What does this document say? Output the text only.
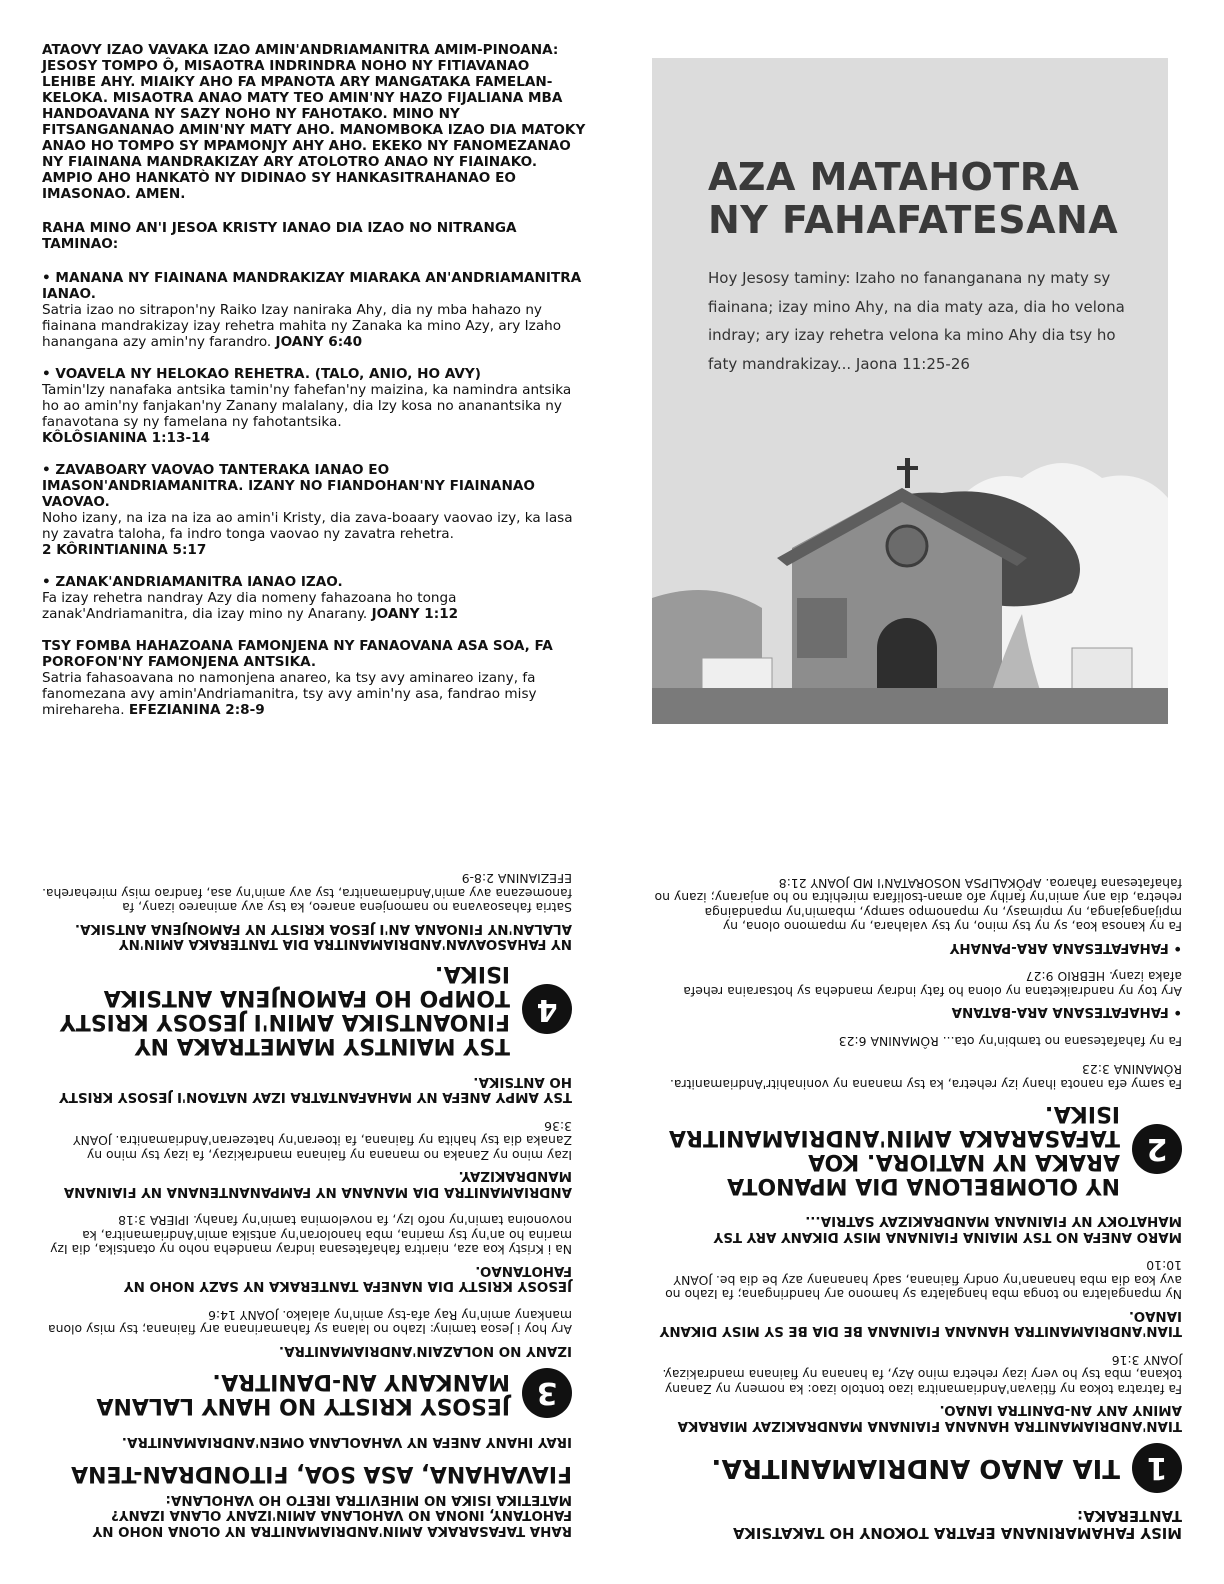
ATAOVY IZAO VAVAKA IZAO AMIN'ANDRIAMANITRA AMIM-PINOANA: JESOSY TOMPO Ô, MISAOTRA INDRINDRA NOHO NY FITIAVANAO LEHIBE AHY. MIAIKY AHO FA MPANOTA ARY MANGATAKA FAMELAN-KELOKA. MISAOTRA ANAO MATY TEO AMIN'NY HAZO FIJALIANA MBA HANDOAVANA NY SAZY NOHO NY FAHOTAKO. MINO NY FITSANGANANAO AMIN'NY MATY AHO. MANOMBOKA IZAO DIA MATOKY ANAO HO TOMPO SY MPAMONJY AHY AHO. EKEKO NY FANOMEZANAO NY FIAINANA MANDRAKIZAY ARY ATOLOTRO ANAO NY FIAINAKO. AMPIO AHO HANKATÒ NY DIDINAO SY HANKASITRAHANAO EO IMASONAO. AMEN.

RAHA MINO AN'I JESOA KRISTY IANAO DIA IZAO NO NITRANGA TAMINAO:

• MANANA NY FIAINANA MANDRAKIZAY MIARAKA AN'ANDRIAMANITRA IANAO.
Satria izao no sitrapon'ny Raiko Izay naniraka Ahy, dia ny mba hahazo ny fiainana mandrakizay izay rehetra mahita ny Zanaka ka mino Azy, ary Izaho hanangana azy amin'ny farandro. JOANY 6:40
• VOAVELA NY HELOKAO REHETRA. (TALO, ANIO, HO AVY)
Tamin'Izy nanafaka antsika tamin'ny fahefan'ny maizina, ka namindra antsika ho ao amin'ny fanjakan'ny Zanany malalany, dia Izy kosa no ananantsika ny fanavotana sy ny famelana ny fahotantsika.
KÔLÔSIANINA 1:13-14
• ZAVABOARY VAOVAO TANTERAKA IANAO EO IMASON'ANDRIAMANITRA. IZANY NO FIANDOHAN'NY FIAINANAO VAOVAO.
Noho izany, na iza na iza ao amin'i Kristy, dia zava-boaary vaovao izy, ka lasa ny zavatra taloha, fa indro tonga vaovao ny zavatra rehetra.
2 KÔRINTIANINA 5:17
• ZANAK'ANDRIAMANITRA IANAO IZAO.
Fa izay rehetra nandray Azy dia nomeny fahazoana ho tonga zanak'Andriamanitra, dia izay mino ny Anarany. JOANY 1:12
TSY FOMBA HAHAZOANA FAMONJENA NY FANAOVANA ASA SOA, FA POROFON'NY FAMONJENA ANTSIKA.
Satria fahasoavana no namonjena anareo, ka tsy avy aminareo izany, fa fanomezana avy amin'Andriamanitra, tsy avy amin'ny asa, fandrao misy mirehareha. EFEZIANINA 2:8-9
AZA MATAHOTRA
NY FAHAFATESANA
Hoy Jesosy taminy: Izaho no fananganana ny maty sy fiainana; izay mino Ahy, na dia maty aza, dia ho velona indray; ary izay rehetra velona ka mino Ahy dia tsy ho faty mandrakizay... Jaona 11:25-26
RAHA TAFASARAKA AMIN'ANDRIAMANITRA NY OLONA NOHO NY FAHOTANY, INONA NO VAHOLANA AMIN'IZANY OLANA IZANY? MATETIKA ISIKA NO MIHEVITRA IRETO HO VAHOLANA:
FIAVAHANA, ASA SOA, FITONDRAN-TENA
IRAY IHANY ANEFA NY VAHAOLANA OMEN'ANDRIAMANITRA.
3
JESOSY KRISTY NO HANY LALANA MANKANY AN-DANITRA.
IZANY NO NOLAZAIN'ANDRIAMANITRA.
Ary hoy i Jesoa taminy: Izaho no lalana sy fahamarinana ary fiainana; tsy misy olona mankany amin'ny Ray afa-tsy amin'ny alalako. JOANY 14:6
JESOSY KRISTY DIA NANEFA TANTERAKA NY SAZY NOHO NY FAHOTANAO.
Na i Kristy koa aza, niaritra fahafatesana indray mandeha noho ny otantsika, dia Izy marina ho an'ny tsy marina, mba hanoloran'ny antsika amin'Andriamanitra, ka novonoina tamin'ny nofo Izy, fa novelomina tamin'ny fanahy. IPIERA 3:18
ANDRIAMANITRA DIA MANANA NY FAMPANANTENANA NY FIAINANA MANDRAKIZAY.
Izay mino ny Zanaka no manana ny fiainana mandrakizay, fa izay tsy mino ny Zanaka dia tsy hahita ny fiainana, fa itoeran'ny hatezeran'Andriamanitra. JOANY 3:36
TSY AMPY ANEFA NY MAHAFANTATRA IZAY NATAON'I JESOSY KRISTY HO ANTSIKA.
4
TSY MAINTSY MAMETRAKA NY FINOANTSIKA AMIN'I JESOSY KRISTY TOMPO HO FAMONJENA ANTSIKA ISIKA.
NY FAHASOAVAN'ANDRIAMANITRA DIA TANTERAKA AMIN'NY ALALAN'NY FINOANA AN'I JESOA KRISTY NY FAMONJENA ANTSIKA.
Satria fahasoavana no namonjena anareo, ka tsy avy aminareo izany, fa fanomezana avy amin'Andriamanitra, tsy avy amin'ny asa, fandrao misy mirehareha. EFEZIANINA 2:8-9
MISY FAHAMARINANA EFATRA TOKONY HO TAKATSIKA TANTERAKA:
1
TIA ANAO ANDRIAMANITRA.
TIAN'ANDRIAMANITRA HANANA FIAINANA MANDRAKIZAY MIARAKA AMINY ANY AN-DANITRA IANAO.
Fa fatratra tokoa ny fitiavan'Andriamanitra izao tontolo izao: ka nomeny ny Zanany tokana, mba tsy ho very izay rehetra mino Azy, fa hanana ny fiainana mandrakizay. JOANY 3:16
TIAN'ANDRIAMANITRA HANANA FIAINANA BE DIA BE SY MISY DIKANY IANAO.
Ny mpangalatra no tonga mba hangalatra sy hamono ary handringana; fa Izaho no avy koa dia mba hananan'ny ondry fiainana, sady hananany azy be dia be. JOANY 10:10
MARO ANEFA NO TSY MIAINA FIAINANA MISY DIKANY ARY TSY MAHATOKY NY FIAINANA MANDRAKIZAY SATRIA...
2
NY OLOMBELONA DIA MPANOTA ARAKA NY NATIORA. KOA TAFASARAKA AMIN'ANDRIAMANITRA ISIKA.
Fa samy efa nanota ihany izy rehetra, ka tsy manana ny voninahitr'Andriamanitra. RÔMANINA 3:23
Fa ny fahafatesana no tambin'ny ota... RÔMANINA 6:23
• FAHAFATESANA ARA-BATANA
Ary toy ny nandraiketana ny olona ho faty indray mandeha sy hotsaraina rehefa afaka izany. HEBRIO 9:27
• FAHAFATESANA ARA-PANAHY
Fa ny kanosa koa, sy ny tsy mino, ny tsy valahara, ny mpamono olona, ny mpijangajanga, ny mpimasy, ny mpanompo sampy, mbamin'ny mpandainga rehetra, dia any amin'ny farihy afo aman-tsolifara mirehitra no ho anjarany; izany no fahafatesana faharoa. APÔKALIPSA NOSORATAN'I MD JOANY 21:8
